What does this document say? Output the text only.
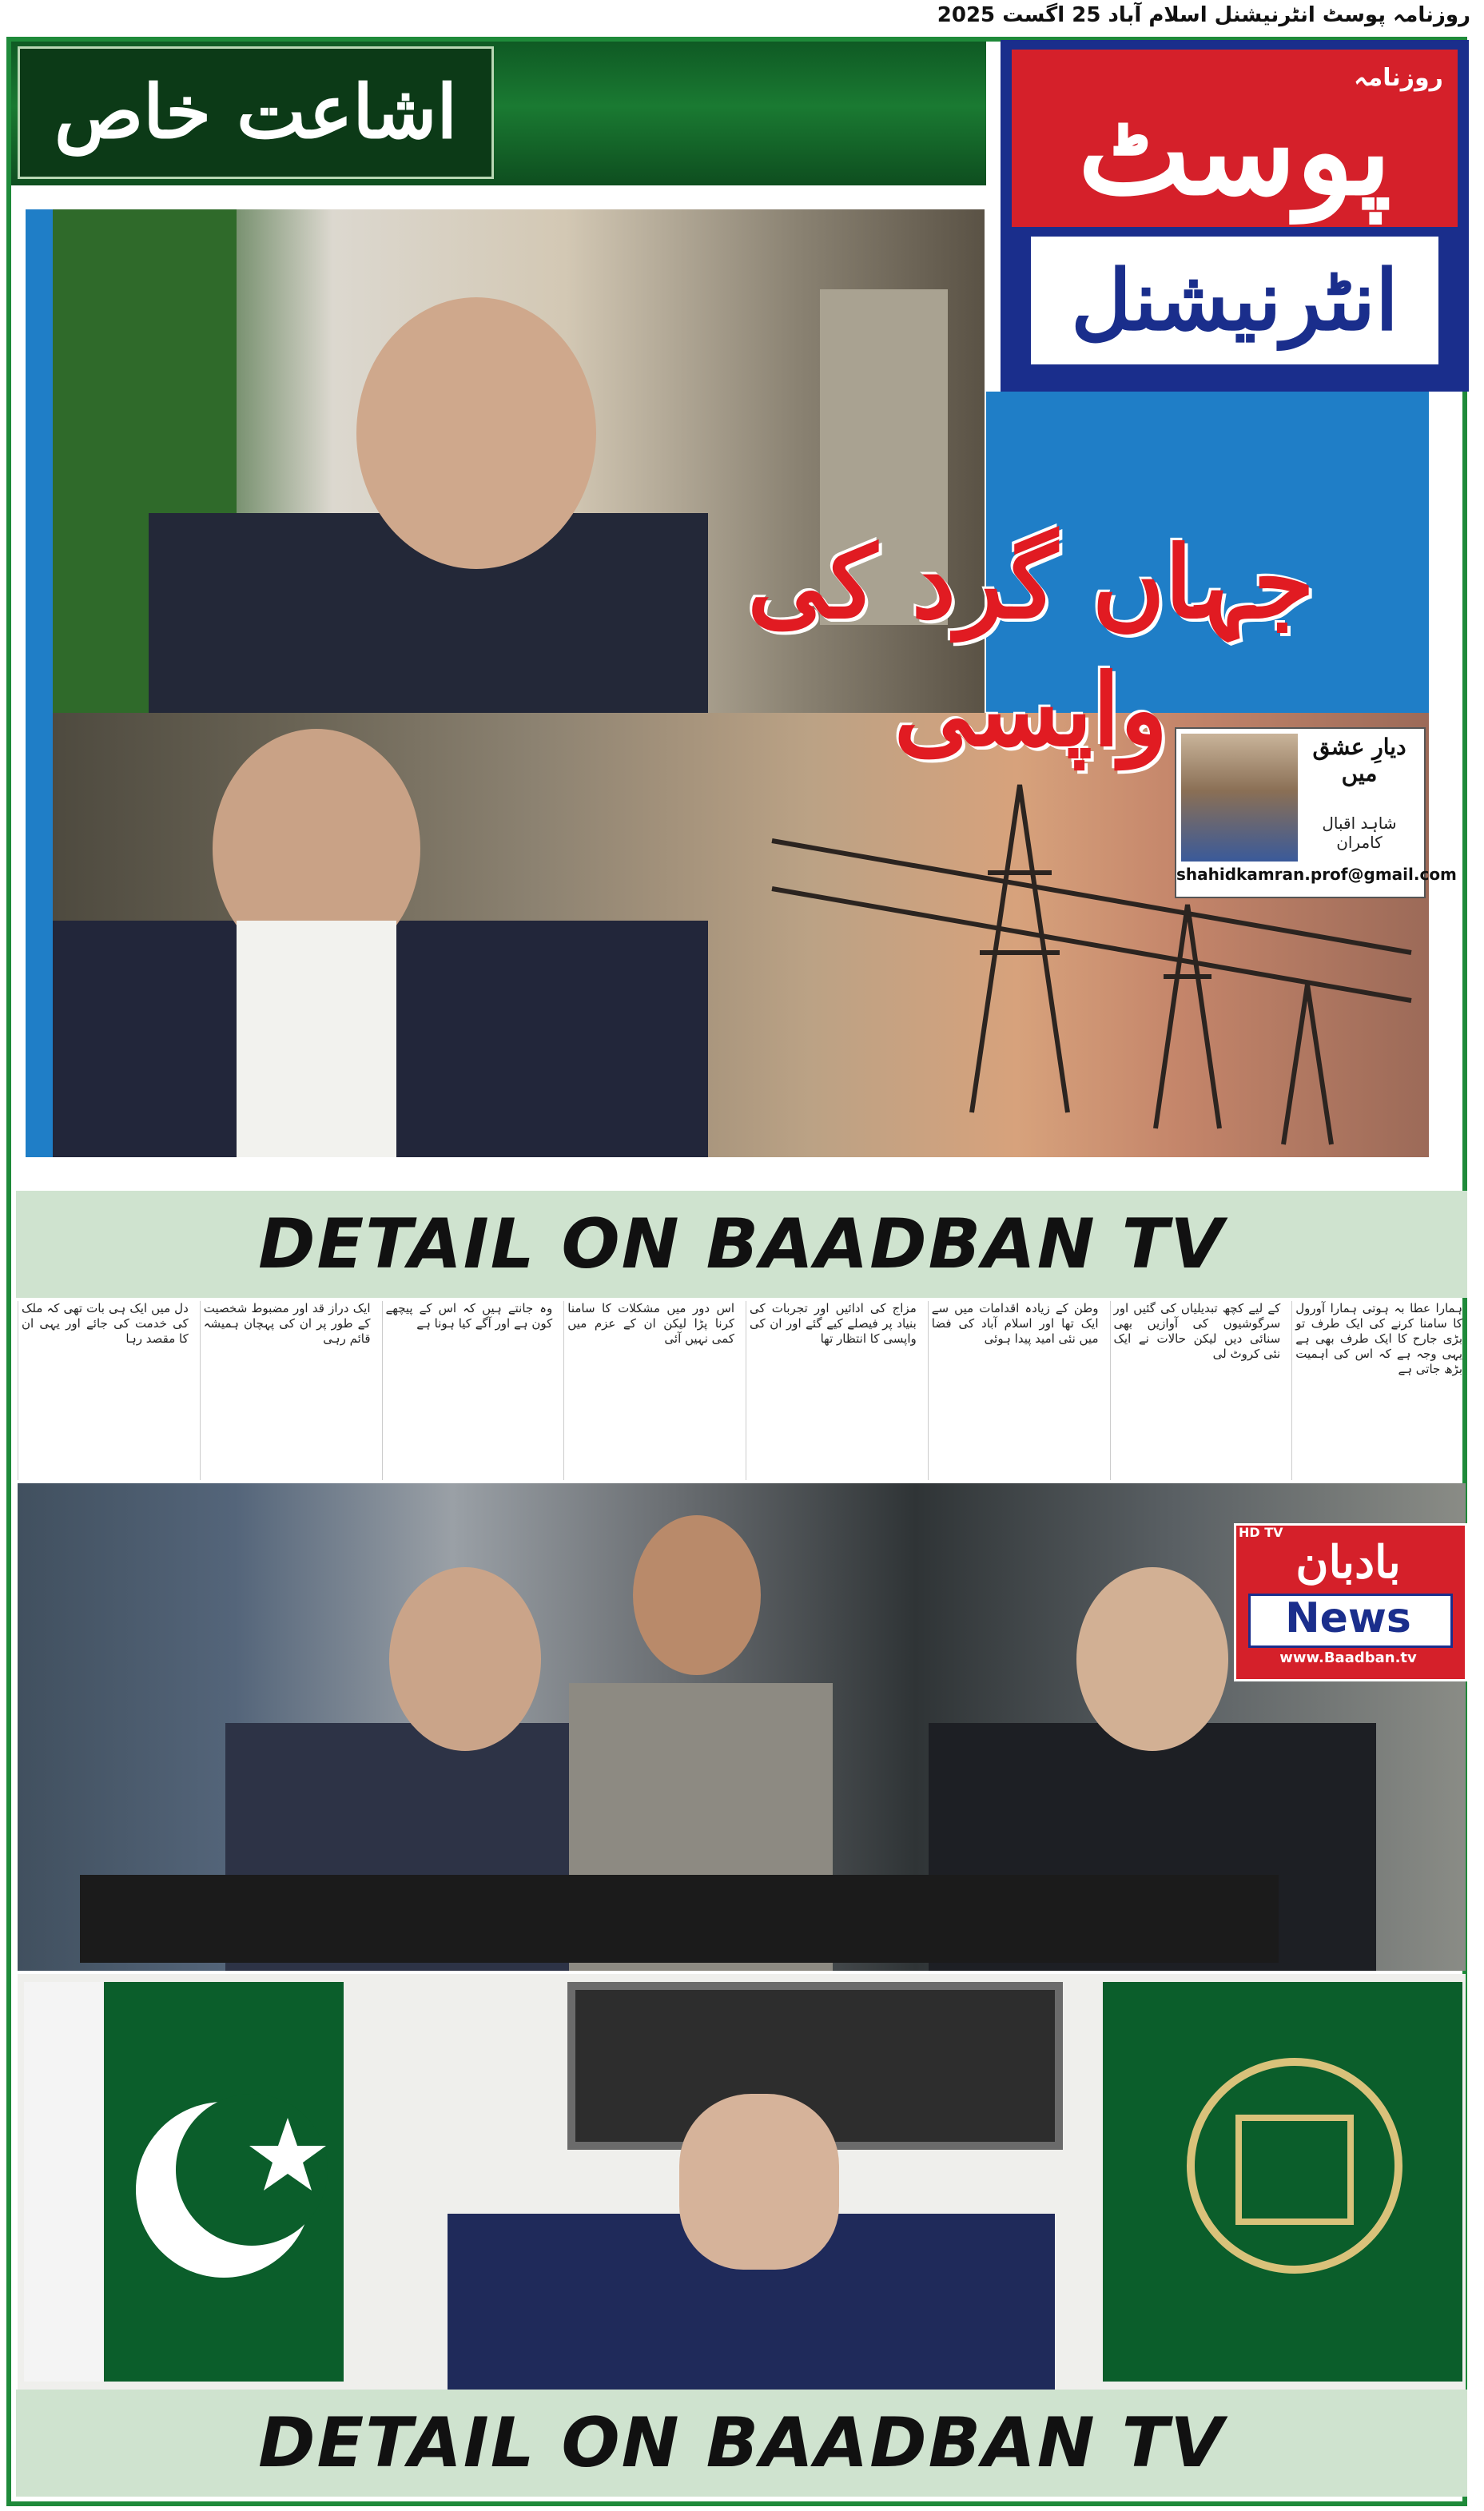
روزنامہ پوسٹ انٹرنیشنل اسلام آباد 25 اگست 2025
اشاعت خاص	روزنامہ
پوسٹ
انٹرنیشنل
جہاں گرد کی واپسی	دیارِ عشق میں
شاہد اقبال کامران
shahidkamran.prof@gmail.com
DETAIL ON BAADBAN TV
ہمارا عطا بہ ہوتی ہمارا آورول کا سامنا کرنے کی ایک طرف تو بڑی جارح کا ایک طرف بھی ہے یہی وجہ ہے کہ اس کی اہمیت بڑھ جاتی ہے
کے لیے کچھ تبدیلیاں کی گئیں اور سرگوشیوں کی آوازیں بھی سنائی دیں لیکن حالات نے ایک نئی کروٹ لی
وطن کے زیادہ اقدامات میں سے ایک تھا اور اسلام آباد کی فضا میں نئی امید پیدا ہوئی
مزاج کی ادائیں اور تجربات کی بنیاد پر فیصلے کیے گئے اور ان کی واپسی کا انتظار تھا
اس دور میں مشکلات کا سامنا کرنا پڑا لیکن ان کے عزم میں کمی نہیں آئی
وہ جانتے ہیں کہ اس کے پیچھے کون ہے اور آگے کیا ہونا ہے
ایک دراز قد اور مضبوط شخصیت کے طور پر ان کی پہچان ہمیشہ قائم رہی
دل میں ایک ہی بات تھی کہ ملک کی خدمت کی جائے اور یہی ان کا مقصد رہا
HD TV
بادبان
News
www.Baadban.tv
DETAIL ON BAADBAN TV
